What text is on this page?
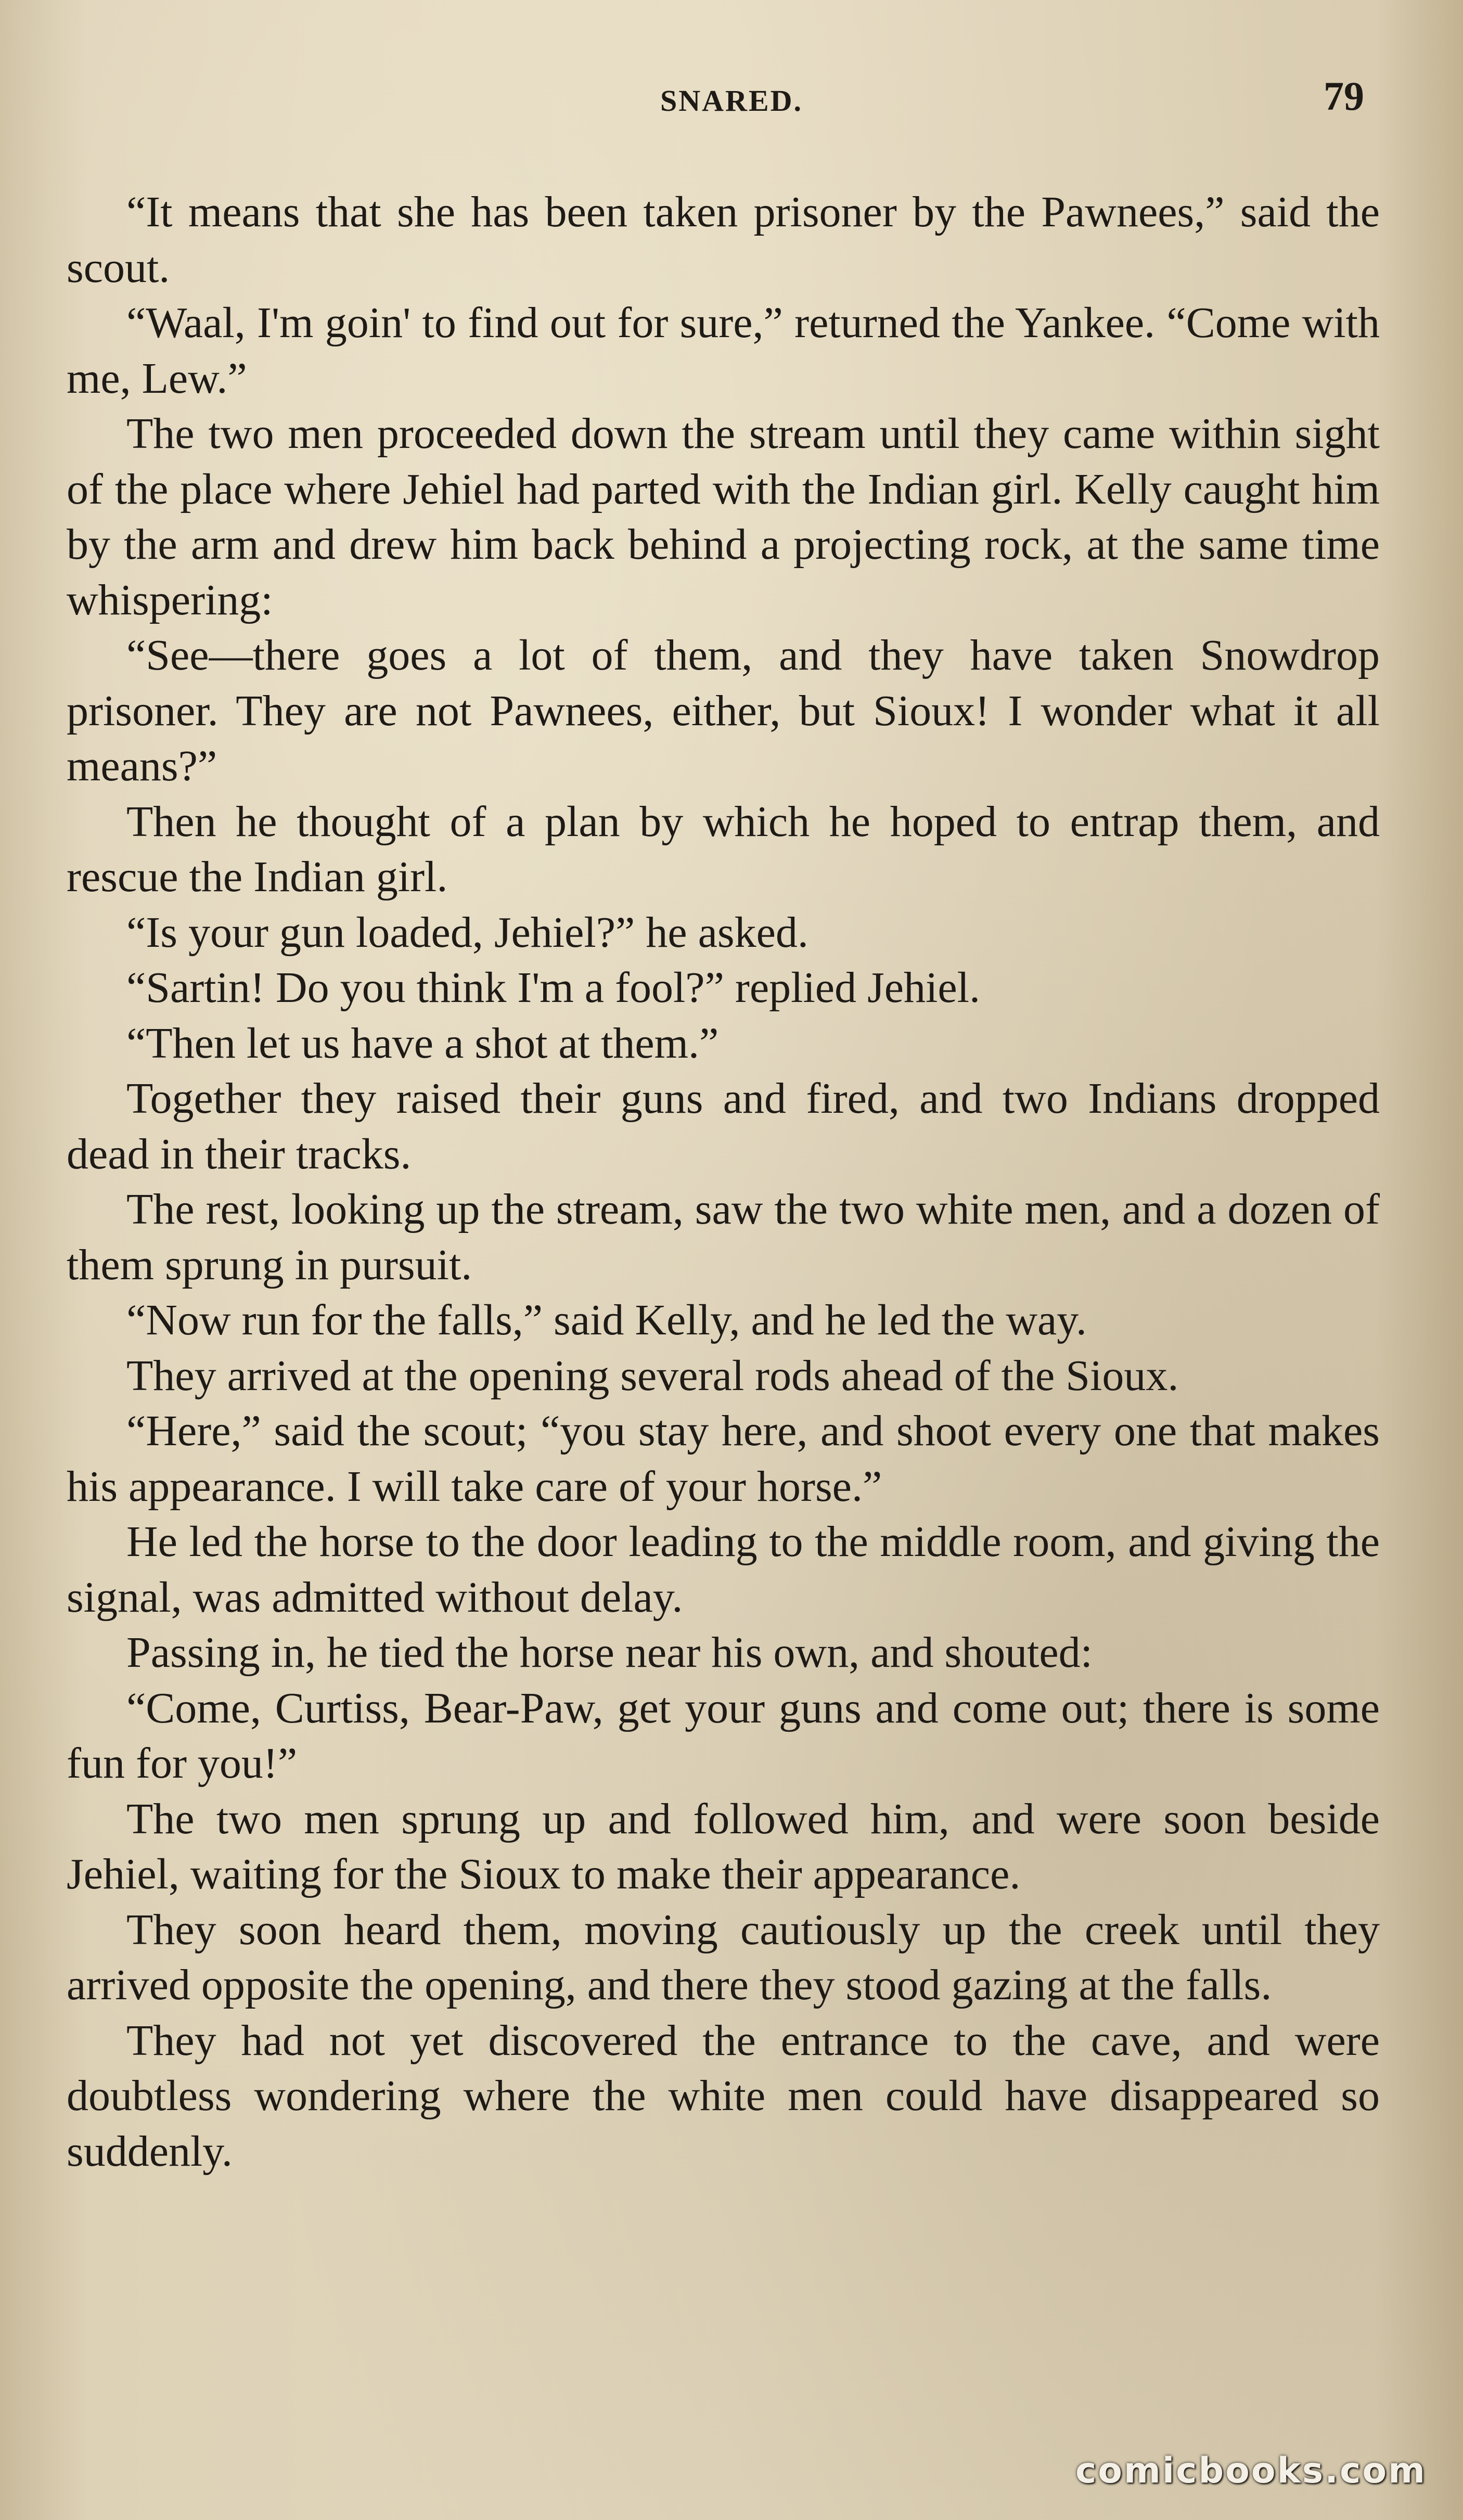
SNARED.	79

“It means that she has been taken prisoner by the Pawnees,” said the scout.

“Waal, I'm goin' to find out for sure,” returned the Yankee. “Come with me, Lew.”

The two men proceeded down the stream until they came within sight of the place where Jehiel had parted with the Indian girl. Kelly caught him by the arm and drew him back behind a projecting rock, at the same time whispering:

“See—there goes a lot of them, and they have taken Snowdrop prisoner. They are not Pawnees, either, but Sioux! I wonder what it all means?”

Then he thought of a plan by which he hoped to entrap them, and rescue the Indian girl.

“Is your gun loaded, Jehiel?” he asked.

“Sartin! Do you think I'm a fool?” replied Jehiel.

“Then let us have a shot at them.”

Together they raised their guns and fired, and two Indians dropped dead in their tracks.

The rest, looking up the stream, saw the two white men, and a dozen of them sprung in pursuit.

“Now run for the falls,” said Kelly, and he led the way.

They arrived at the opening several rods ahead of the Sioux.

“Here,” said the scout; “you stay here, and shoot every one that makes his appearance. I will take care of your horse.”

He led the horse to the door leading to the middle room, and giving the signal, was admitted without delay.

Passing in, he tied the horse near his own, and shouted:

“Come, Curtiss, Bear-Paw, get your guns and come out; there is some fun for you!”

The two men sprung up and followed him, and were soon beside Jehiel, waiting for the Sioux to make their appearance.

They soon heard them, moving cautiously up the creek until they arrived opposite the opening, and there they stood gazing at the falls.

They had not yet discovered the entrance to the cave, and were doubtless wondering where the white men could have disappeared so suddenly.

comicbooks.com
